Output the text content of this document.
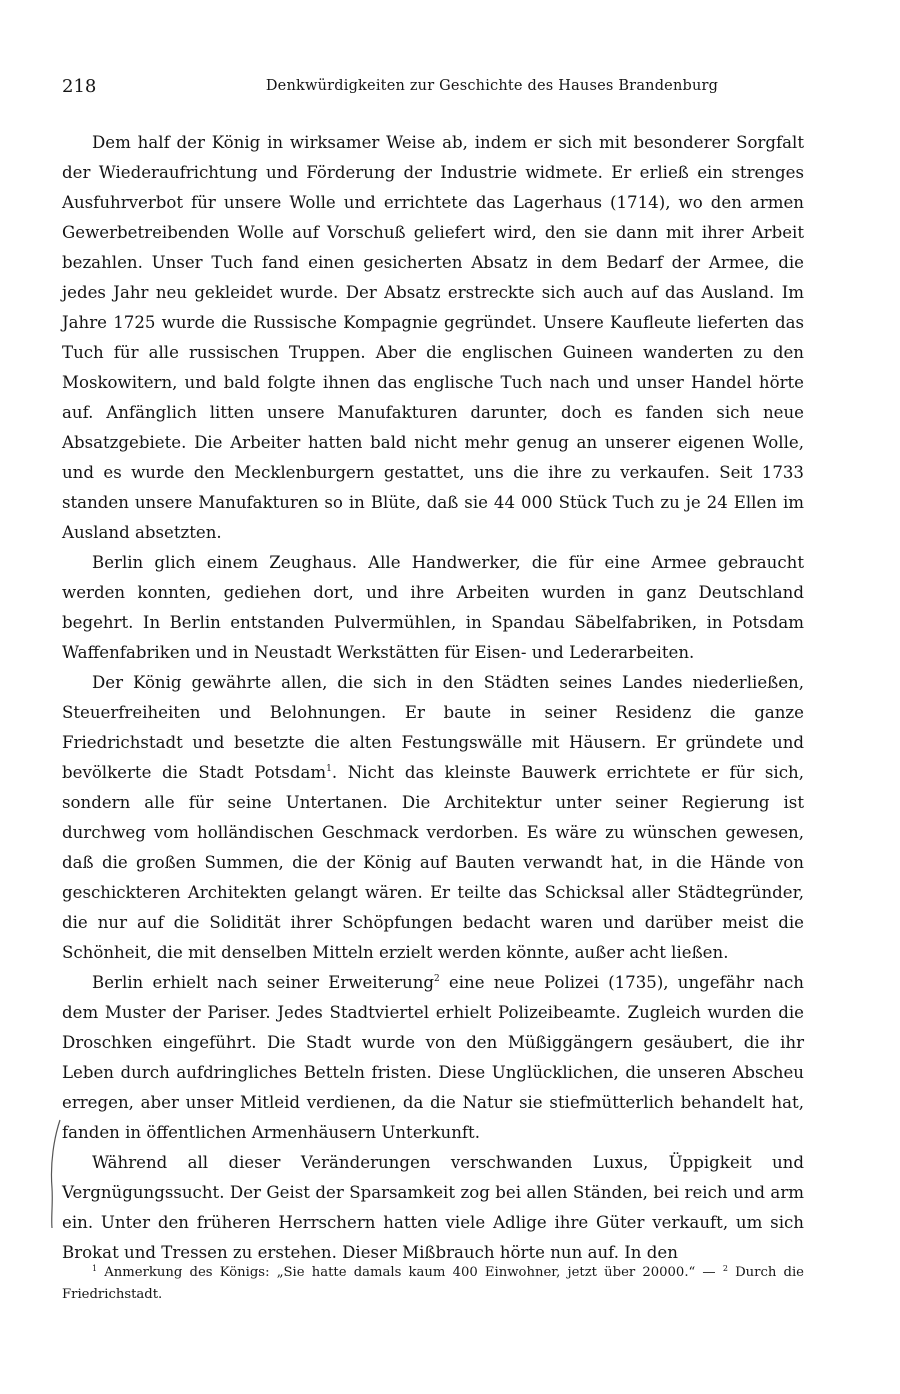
218	Denkwürdigkeiten zur Geschichte des Hauses Brandenburg

Dem half der König in wirksamer Weise ab, indem er sich mit besonderer Sorgfalt der Wiederaufrichtung und Förderung der Industrie widmete. Er erließ ein strenges Ausfuhrverbot für unsere Wolle und errichtete das Lagerhaus (1714), wo den armen Gewerbetreibenden Wolle auf Vorschuß geliefert wird, den sie dann mit ihrer Arbeit bezahlen. Unser Tuch fand einen gesicherten Absatz in dem Bedarf der Armee, die jedes Jahr neu gekleidet wurde. Der Absatz erstreckte sich auch auf das Ausland. Im Jahre 1725 wurde die Russische Kompagnie gegründet. Unsere Kaufleute lieferten das Tuch für alle russischen Truppen. Aber die englischen Guineen wanderten zu den Moskowitern, und bald folgte ihnen das englische Tuch nach und unser Handel hörte auf. Anfänglich litten unsere Manufakturen darunter, doch es fanden sich neue Absatzgebiete. Die Arbeiter hatten bald nicht mehr genug an unserer eigenen Wolle, und es wurde den Mecklenburgern gestattet, uns die ihre zu verkaufen. Seit 1733 standen unsere Manufakturen so in Blüte, daß sie 44 000 Stück Tuch zu je 24 Ellen im Ausland absetzten.

Berlin glich einem Zeughaus. Alle Handwerker, die für eine Armee gebraucht werden konnten, gediehen dort, und ihre Arbeiten wurden in ganz Deutschland begehrt. In Berlin entstanden Pulvermühlen, in Spandau Säbelfabriken, in Potsdam Waffenfabriken und in Neustadt Werkstätten für Eisen- und Lederarbeiten.

Der König gewährte allen, die sich in den Städten seines Landes niederließen, Steuerfreiheiten und Belohnungen. Er baute in seiner Residenz die ganze Friedrichstadt und besetzte die alten Festungswälle mit Häusern. Er gründete und bevölkerte die Stadt Potsdam$^1$. Nicht das kleinste Bauwerk errichtete er für sich, sondern alle für seine Untertanen. Die Architektur unter seiner Regierung ist durchweg vom holländischen Geschmack verdorben. Es wäre zu wünschen gewesen, daß die großen Summen, die der König auf Bauten verwandt hat, in die Hände von geschickteren Architekten gelangt wären. Er teilte das Schicksal aller Städtegründer, die nur auf die Solidität ihrer Schöpfungen bedacht waren und darüber meist die Schönheit, die mit denselben Mitteln erzielt werden könnte, außer acht ließen.

Berlin erhielt nach seiner Erweiterung$^2$ eine neue Polizei (1735), ungefähr nach dem Muster der Pariser. Jedes Stadtviertel erhielt Polizeibeamte. Zugleich wurden die Droschken eingeführt. Die Stadt wurde von den Müßiggängern gesäubert, die ihr Leben durch aufdringliches Betteln fristen. Diese Unglücklichen, die unseren Abscheu erregen, aber unser Mitleid verdienen, da die Natur sie stiefmütterlich behandelt hat, fanden in öffentlichen Armenhäusern Unterkunft.

Während all dieser Veränderungen verschwanden Luxus, Üppigkeit und Vergnügungssucht. Der Geist der Sparsamkeit zog bei allen Ständen, bei reich und arm ein. Unter den früheren Herrschern hatten viele Adlige ihre Güter verkauft, um sich Brokat und Tressen zu erstehen. Dieser Mißbrauch hörte nun auf. In den

$^1$ Anmerkung des Königs: „Sie hatte damals kaum 400 Einwohner, jetzt über 20000.“ — $^2$ Durch die Friedrichstadt.
